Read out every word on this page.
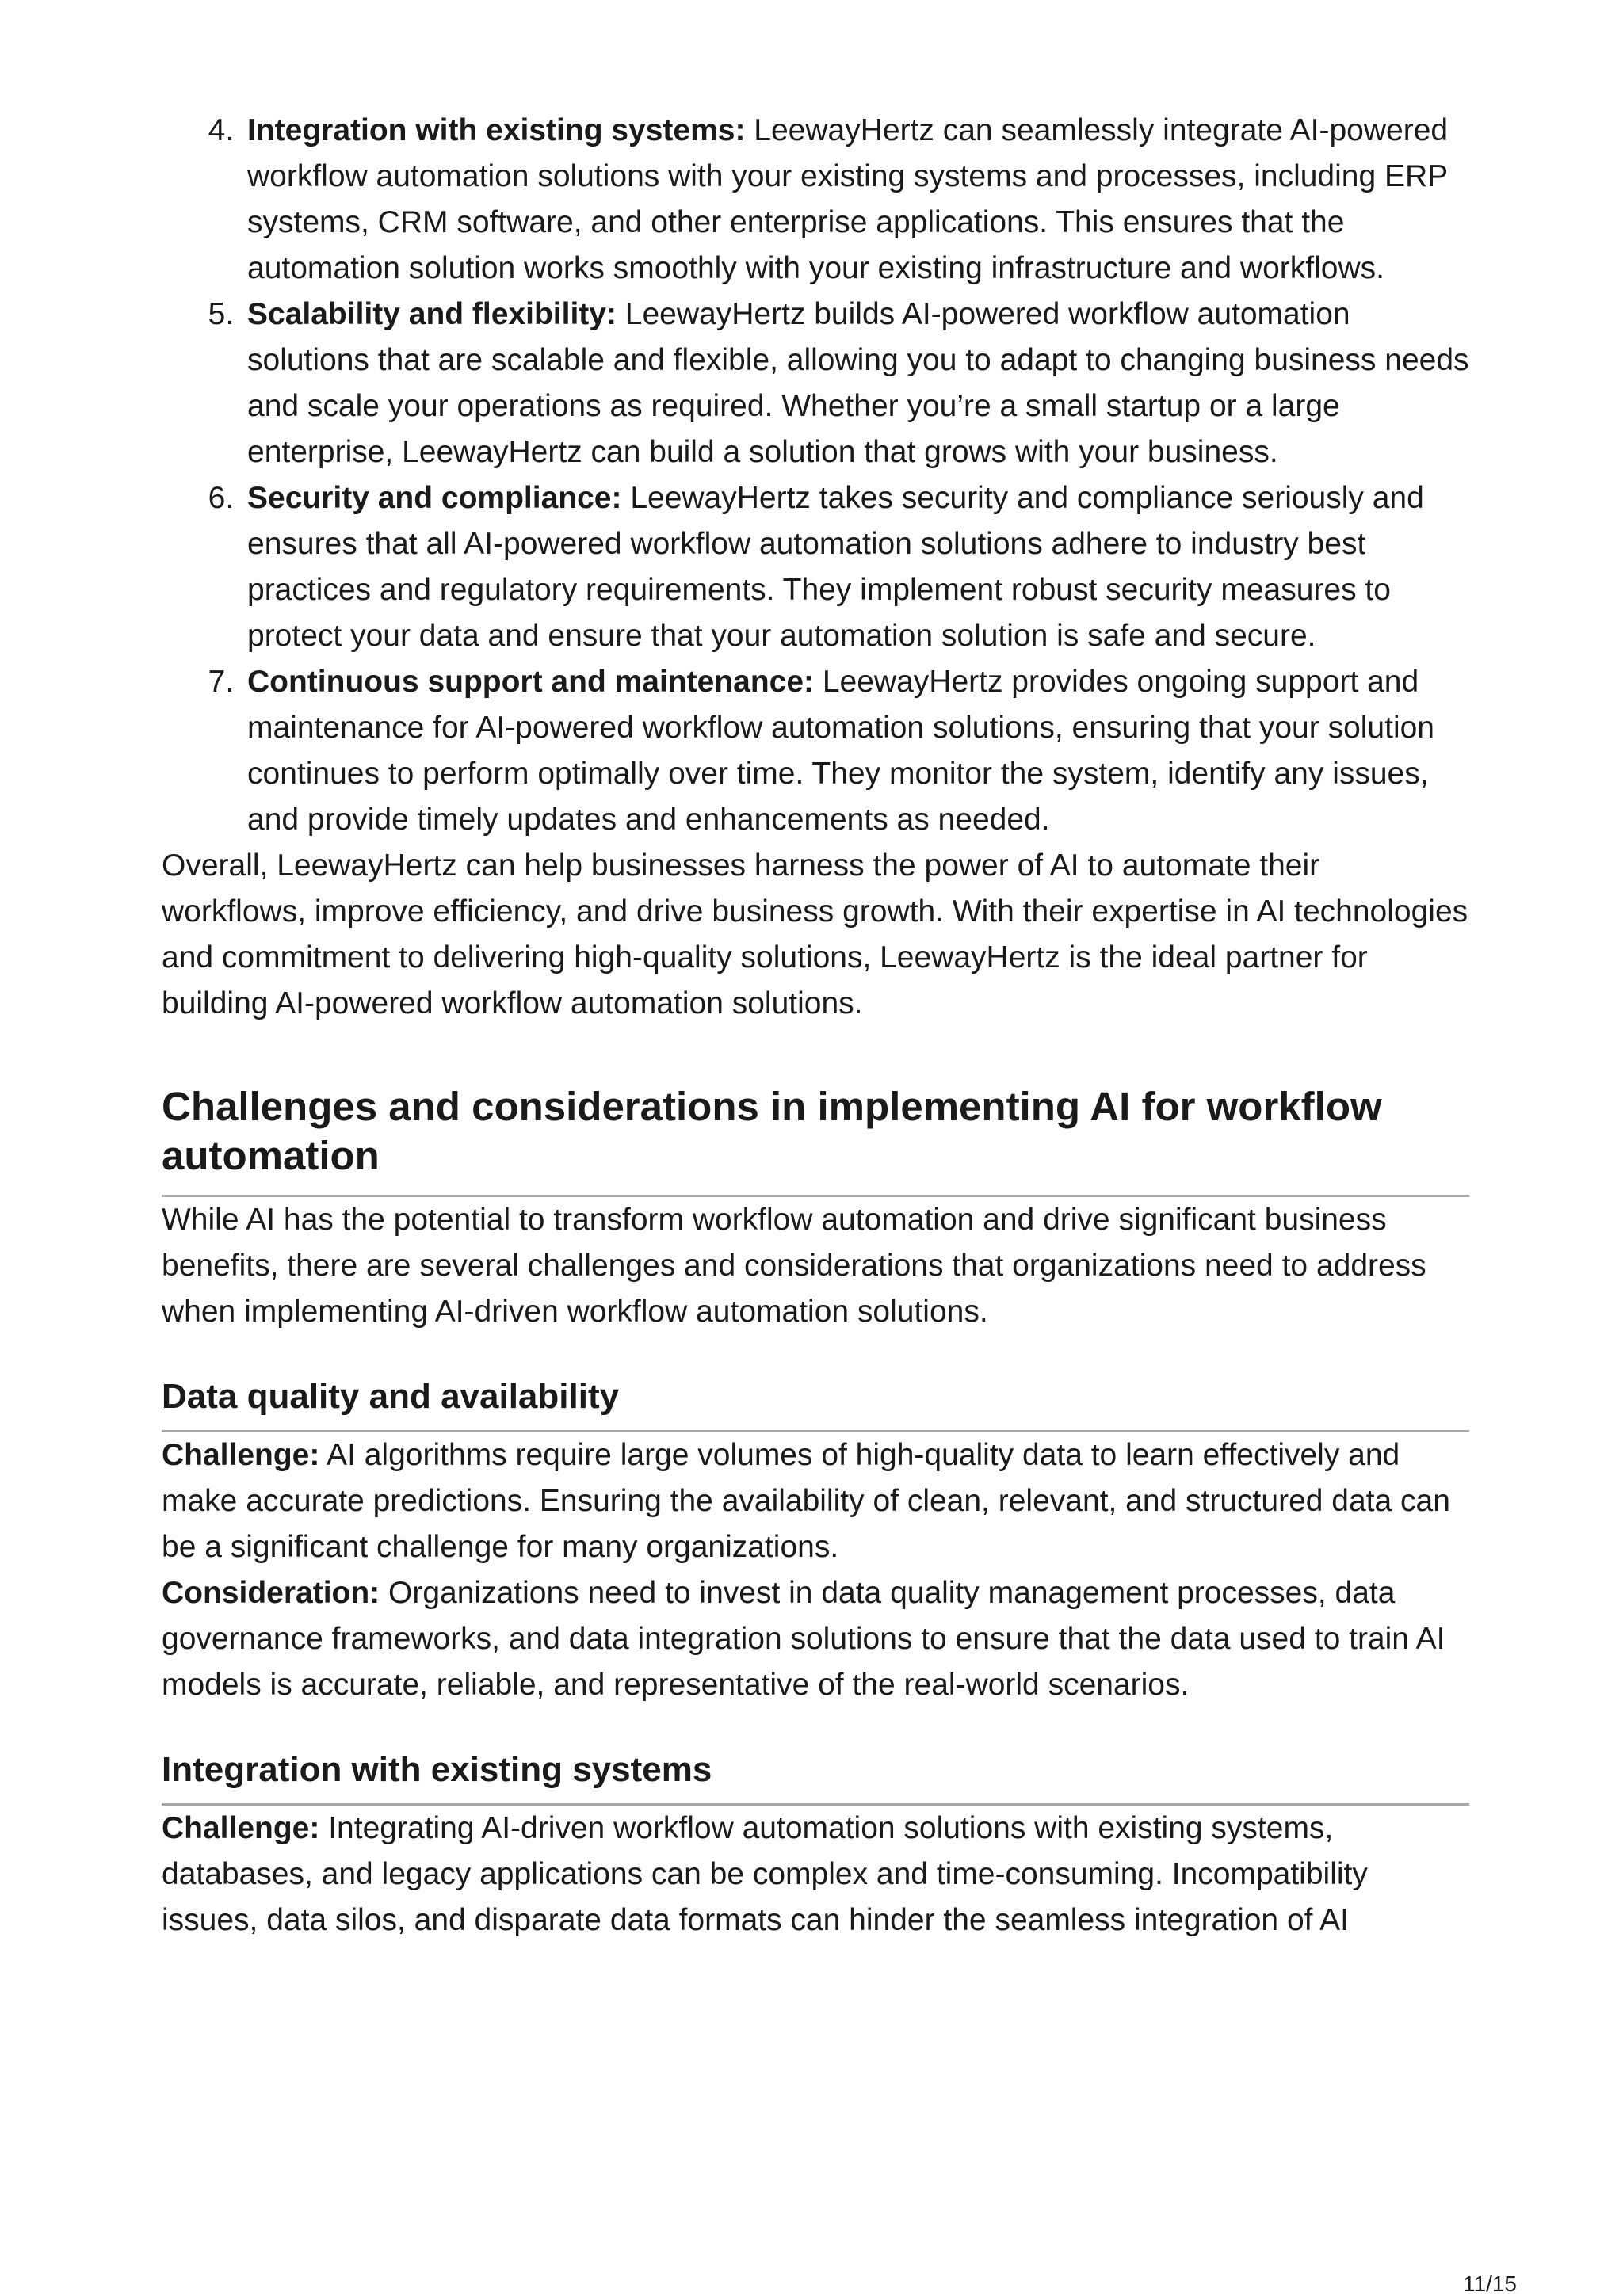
4. Integration with existing systems: LeewayHertz can seamlessly integrate AI-powered workflow automation solutions with your existing systems and processes, including ERP systems, CRM software, and other enterprise applications. This ensures that the automation solution works smoothly with your existing infrastructure and workflows.
5. Scalability and flexibility: LeewayHertz builds AI-powered workflow automation solutions that are scalable and flexible, allowing you to adapt to changing business needs and scale your operations as required. Whether you’re a small startup or a large enterprise, LeewayHertz can build a solution that grows with your business.
6. Security and compliance: LeewayHertz takes security and compliance seriously and ensures that all AI-powered workflow automation solutions adhere to industry best practices and regulatory requirements. They implement robust security measures to protect your data and ensure that your automation solution is safe and secure.
7. Continuous support and maintenance: LeewayHertz provides ongoing support and maintenance for AI-powered workflow automation solutions, ensuring that your solution continues to perform optimally over time. They monitor the system, identify any issues, and provide timely updates and enhancements as needed.

Overall, LeewayHertz can help businesses harness the power of AI to automate their workflows, improve efficiency, and drive business growth. With their expertise in AI technologies and commitment to delivering high-quality solutions, LeewayHertz is the ideal partner for building AI-powered workflow automation solutions.

Challenges and considerations in implementing AI for workflow automation

While AI has the potential to transform workflow automation and drive significant business benefits, there are several challenges and considerations that organizations need to address when implementing AI-driven workflow automation solutions.

Data quality and availability

Challenge: AI algorithms require large volumes of high-quality data to learn effectively and make accurate predictions. Ensuring the availability of clean, relevant, and structured data can be a significant challenge for many organizations.

Consideration: Organizations need to invest in data quality management processes, data governance frameworks, and data integration solutions to ensure that the data used to train AI models is accurate, reliable, and representative of the real-world scenarios.

Integration with existing systems

Challenge: Integrating AI-driven workflow automation solutions with existing systems, databases, and legacy applications can be complex and time-consuming. Incompatibility issues, data silos, and disparate data formats can hinder the seamless integration of AI

11/15
